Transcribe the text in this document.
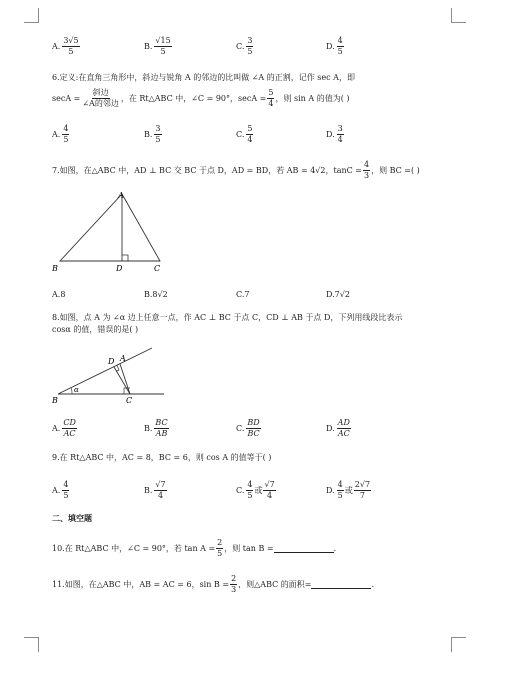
A. $\frac{3√5}{5}$	B. $\frac{√15}{5}$	C. $\frac{3}{5}$	D. $\frac{4}{5}$
6.定义:在直角三角形中，斜边与锐角 A 的邻边的比叫做 ∠A 的正割，记作 sec A，即
$\sec A = \frac{\text{斜边}}{\text{∠A的邻边}}$ ，在 Rt△ABC 中，∠C = 90°，$\sec A = \frac{5}{4}$ ，则 sin A 的值为( )
A. $\frac{4}{5}$	B. $\frac{3}{5}$	C. $\frac{5}{4}$	D. $\frac{3}{4}$
7.如图，在△ABC 中，AD ⊥ BC 交 BC 于点 D，AD = BD，若 AB = 4√2，$\tan C = \frac{4}{3}$ ，则 BC =( )
A
B	D	C
A.8	B.8√2	C.7	D.7√2
8.如图，点 A 为 ∠α 边上任意一点，作 AC ⊥ BC 于点 C，CD ⊥ AB 于点 D，下列用线段比表示
cosα 的值，错误的是( )
α
B	C
D A
A. $\frac{CD}{AC}$	B. $\frac{BC}{AB}$	C. $\frac{BD}{BC}$	D. $\frac{AD}{AC}$
9.在 Rt△ABC 中，AC = 8，BC = 6，则 cos A 的值等于( )
A. $\frac{4}{5}$	B. $\frac{√7}{4}$	C. $\frac{4}{5}$ 或 $\frac{√7}{4}$	D. $\frac{4}{5}$ 或 $\frac{2√7}{7}$
二、填空题
10.在 Rt△ABC 中，∠C = 90°，若 $\tan A = \frac{2}{5}$ ，则 tan B =	.
11.如图，在△ABC 中，AB = AC = 6，$\sin B = \frac{2}{3}$ ，则△ABC 的面积=	.
